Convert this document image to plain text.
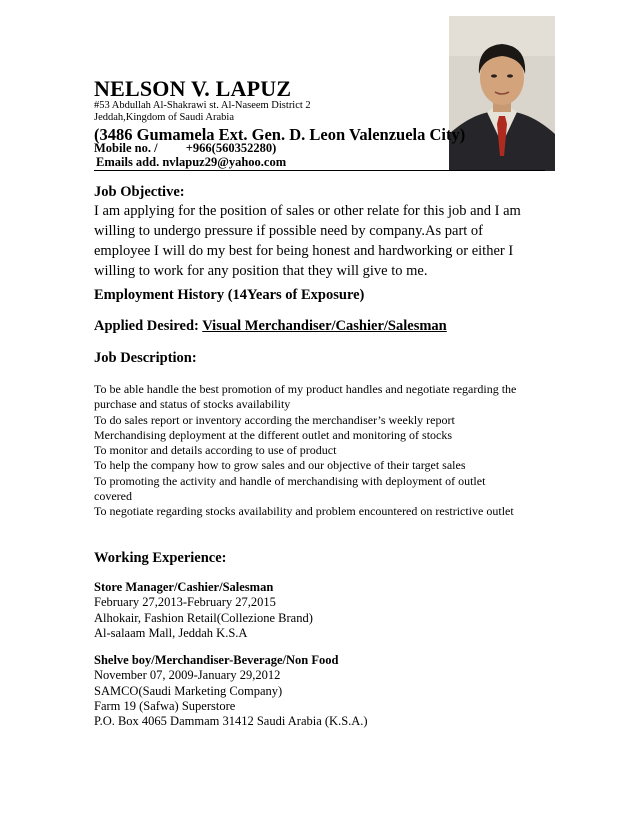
NELSON V. LAPUZ
#53 Abdullah Al-Shakrawi st. Al-Naseem District 2
Jeddah,Kingdom of Saudi Arabia
(3486 Gumamela Ext. Gen. D. Leon Valenzuela City)
Mobile no. / +966(560352280)
Emails add. nvlapuz29@yahoo.com
Job Objective:
I am applying for the position of sales or other relate for this job and I am
willing to undergo pressure if possible need by company.As part of
employee I will do my best for being honest and hardworking or either I
willing to work for any position that they will give to me.
Employment History (14Years of Exposure)
Applied Desired: Visual Merchandiser/Cashier/Salesman
Job Description:
To be able handle the best promotion of my product handles and negotiate regarding the
purchase and status of stocks availability
To do sales report or inventory according the merchandiser’s weekly report
Merchandising deployment at the different outlet and monitoring of stocks
To monitor and details according to use of product
To help the company how to grow sales and our objective of their target sales
To promoting the activity and handle of merchandising with deployment of outlet
covered
To negotiate regarding stocks availability and problem encountered on restrictive outlet
Working Experience:
Store Manager/Cashier/Salesman
February 27,2013-February 27,2015
Alhokair, Fashion Retail(Collezione Brand)
Al-salaam Mall, Jeddah K.S.A
Shelve boy/Merchandiser-Beverage/Non Food
November 07, 2009-January 29,2012
SAMCO(Saudi Marketing Company)
Farm 19 (Safwa) Superstore
P.O. Box 4065 Dammam 31412 Saudi Arabia (K.S.A.)
